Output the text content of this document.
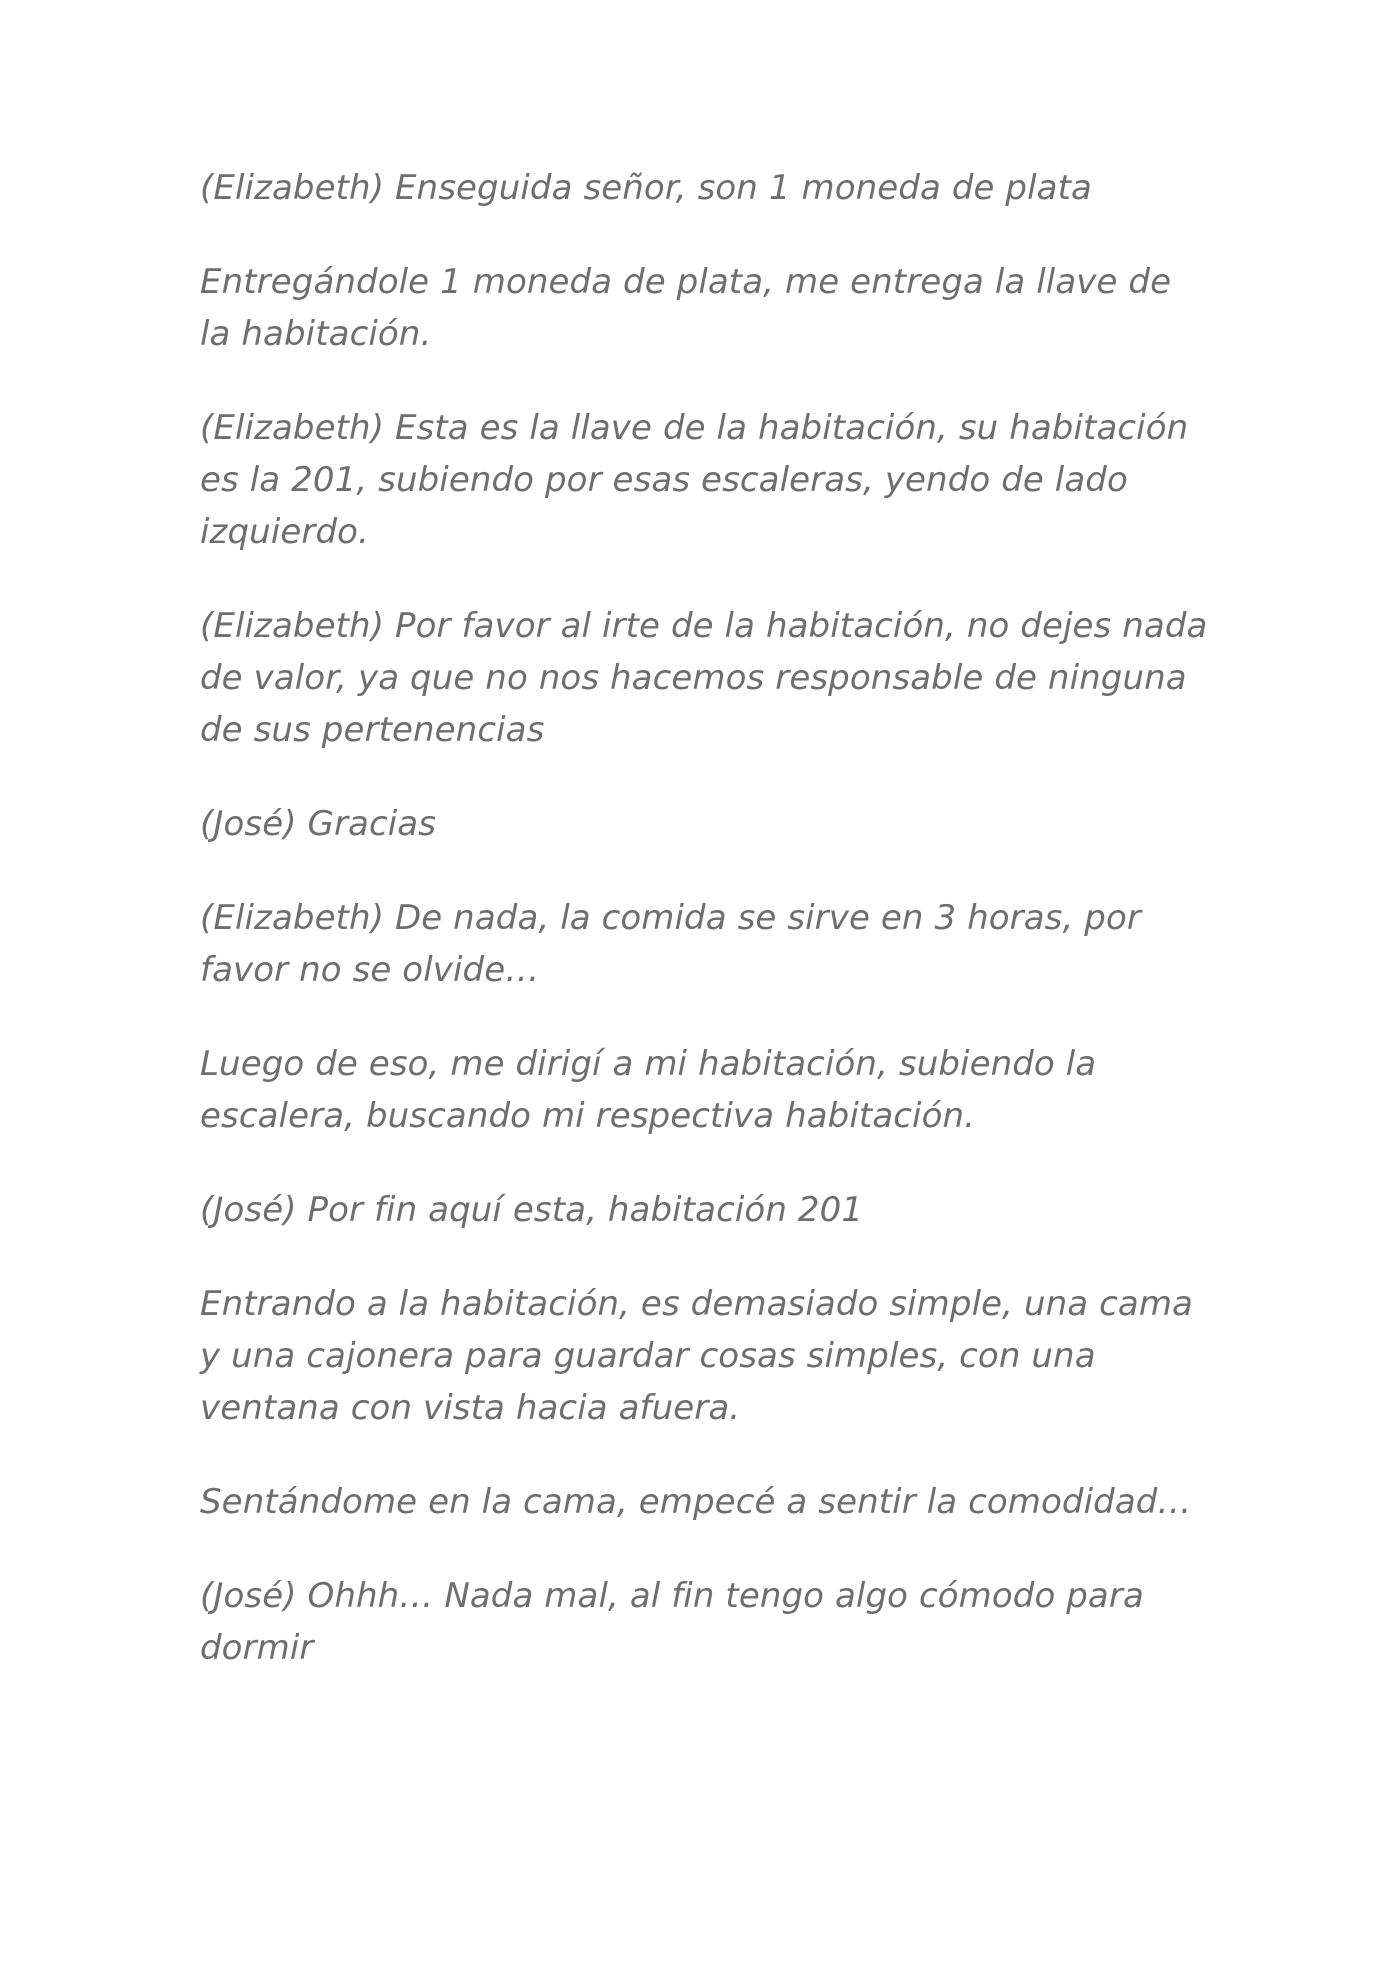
(Elizabeth) Enseguida señor, son 1 moneda de plata

Entregándole 1 moneda de plata, me entrega la llave de la habitación.

(Elizabeth) Esta es la llave de la habitación, su habitación es la 201, subiendo por esas escaleras, yendo de lado izquierdo.

(Elizabeth) Por favor al irte de la habitación, no dejes nada de valor, ya que no nos hacemos responsable de ninguna de sus pertenencias

(José) Gracias

(Elizabeth) De nada, la comida se sirve en 3 horas, por favor no se olvide…

Luego de eso, me dirigí a mi habitación, subiendo la escalera, buscando mi respectiva habitación.

(José) Por fin aquí esta, habitación 201

Entrando a la habitación, es demasiado simple, una cama y una cajonera para guardar cosas simples, con una ventana con vista hacia afuera.

Sentándome en la cama, empecé a sentir la comodidad…

(José) Ohhh… Nada mal, al fin tengo algo cómodo para dormir
